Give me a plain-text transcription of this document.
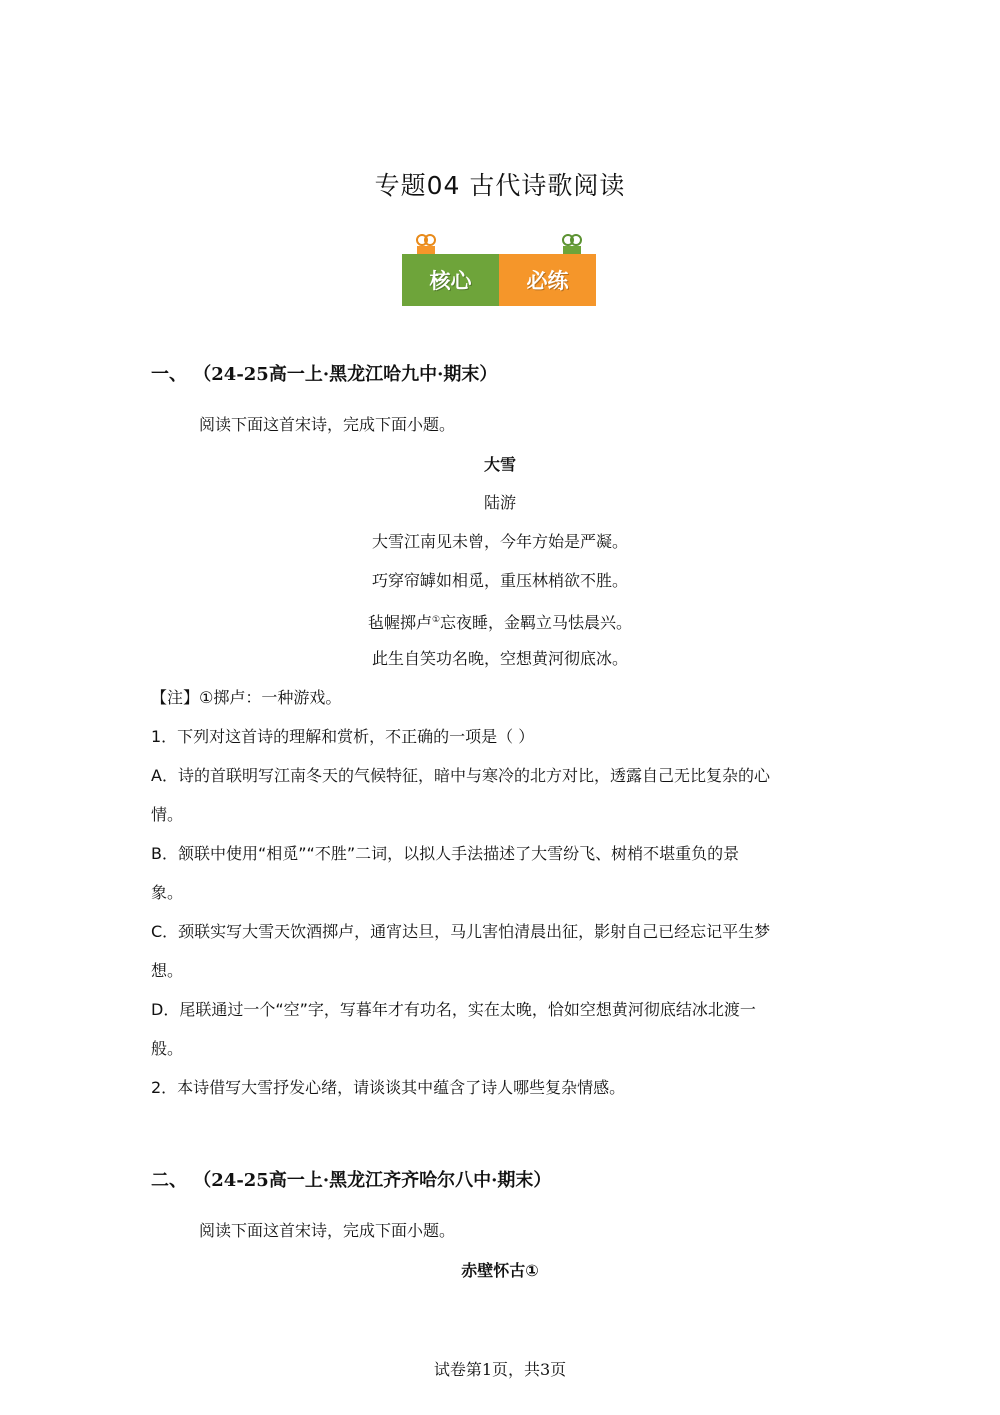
专题04 古代诗歌阅读
核心	必练
一、 （24-25高一上·黑龙江哈九中·期末）
阅读下面这首宋诗，完成下面小题。
大雪
陆游
大雪江南见未曾，今年方始是严凝。
巧穿帘罅如相觅，重压林梢欲不胜。
毡幄掷卢①忘夜睡，金羁立马怯晨兴。
此生自笑功名晚，空想黄河彻底冰。
【注】①掷卢：一种游戏。
1．下列对这首诗的理解和赏析，不正确的一项是（ ）
A．诗的首联明写江南冬天的气候特征，暗中与寒冷的北方对比，透露自己无比复杂的心
情。
B．颔联中使用“相觅”“不胜”二词，以拟人手法描述了大雪纷飞、树梢不堪重负的景
象。
C．颈联实写大雪天饮酒掷卢，通宵达旦，马儿害怕清晨出征，影射自己已经忘记平生梦
想。
D．尾联通过一个“空”字，写暮年才有功名，实在太晚，恰如空想黄河彻底结冰北渡一
般。
2．本诗借写大雪抒发心绪，请谈谈其中蕴含了诗人哪些复杂情感。
二、 （24-25高一上·黑龙江齐齐哈尔八中·期末）
阅读下面这首宋诗，完成下面小题。
赤壁怀古①
试卷第1页，共3页
